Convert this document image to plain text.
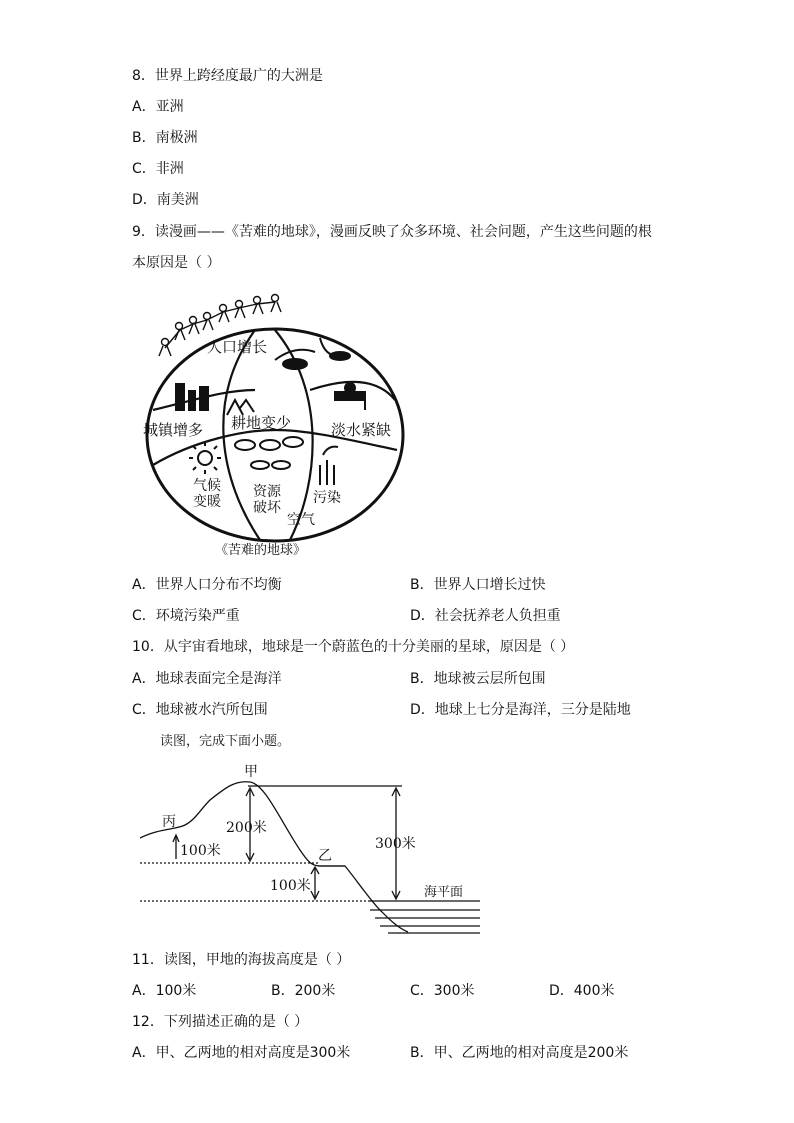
8．世界上跨经度最广的大洲是
A．亚洲
B．南极洲
C．非洲
D．南美洲
9．读漫画——《苦难的地球》，漫画反映了众多环境、社会问题，产生这些问题的根
本原因是（ ）
人口增长
城镇增多 耕地变少	淡水紧缺
气候
变暖
资源
破坏
污染
空气
《苦难的地球》
A．世界人口分布不均衡	B．世界人口增长过快
C．环境污染严重	D．社会抚养老人负担重
10．从宇宙看地球，地球是一个蔚蓝色的十分美丽的星球，原因是（ ）
A．地球表面完全是海洋	B．地球被云层所包围
C．地球被水汽所包围	D．地球上七分是海洋，三分是陆地
读图，完成下面小题。
甲
乙
丙	200米
300米
100米
100米	海平面
11．读图，甲地的海拔高度是（ ）
A．100米	B．200米	C．300米	D．400米
12．下列描述正确的是（ ）
A．甲、乙两地的相对高度是300米	B．甲、乙两地的相对高度是200米
